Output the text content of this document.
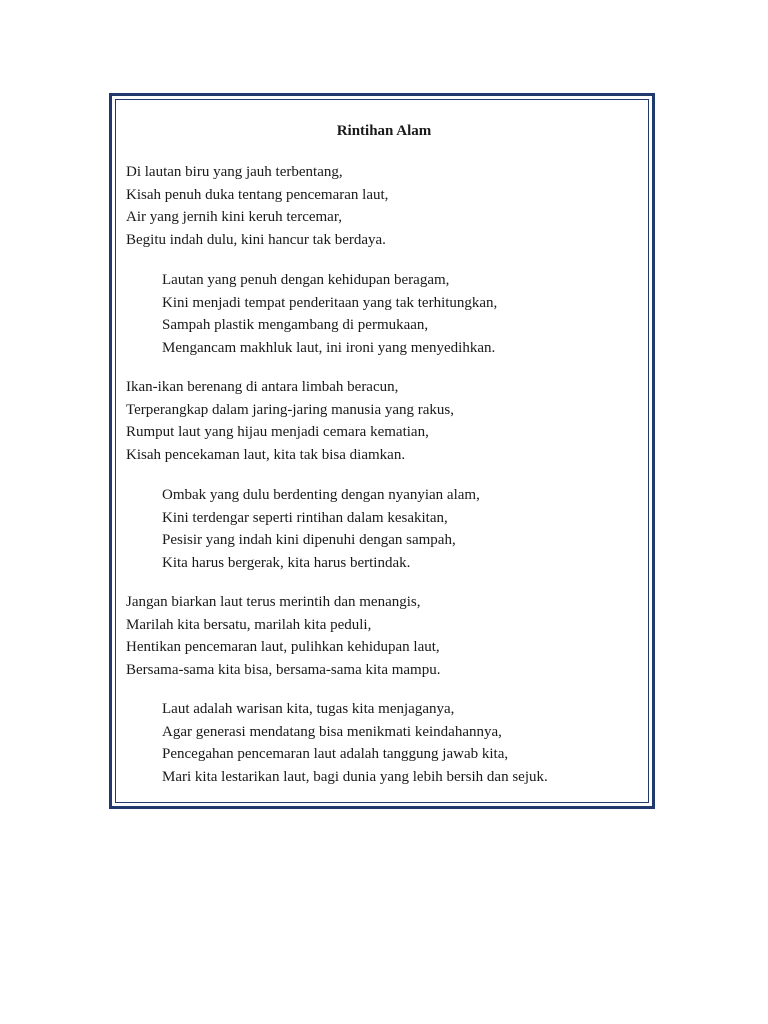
Rintihan Alam
Di lautan biru yang jauh terbentang,
Kisah penuh duka tentang pencemaran laut,
Air yang jernih kini keruh tercemar,
Begitu indah dulu, kini hancur tak berdaya.
Lautan yang penuh dengan kehidupan beragam,
Kini menjadi tempat penderitaan yang tak terhitungkan,
Sampah plastik mengambang di permukaan,
Mengancam makhluk laut, ini ironi yang menyedihkan.
Ikan-ikan berenang di antara limbah beracun,
Terperangkap dalam jaring-jaring manusia yang rakus,
Rumput laut yang hijau menjadi cemara kematian,
Kisah pencekaman laut, kita tak bisa diamkan.
Ombak yang dulu berdenting dengan nyanyian alam,
Kini terdengar seperti rintihan dalam kesakitan,
Pesisir yang indah kini dipenuhi dengan sampah,
Kita harus bergerak, kita harus bertindak.
Jangan biarkan laut terus merintih dan menangis,
Marilah kita bersatu, marilah kita peduli,
Hentikan pencemaran laut, pulihkan kehidupan laut,
Bersama-sama kita bisa, bersama-sama kita mampu.
Laut adalah warisan kita, tugas kita menjaganya,
Agar generasi mendatang bisa menikmati keindahannya,
Pencegahan pencemaran laut adalah tanggung jawab kita,
Mari kita lestarikan laut, bagi dunia yang lebih bersih dan sejuk.
